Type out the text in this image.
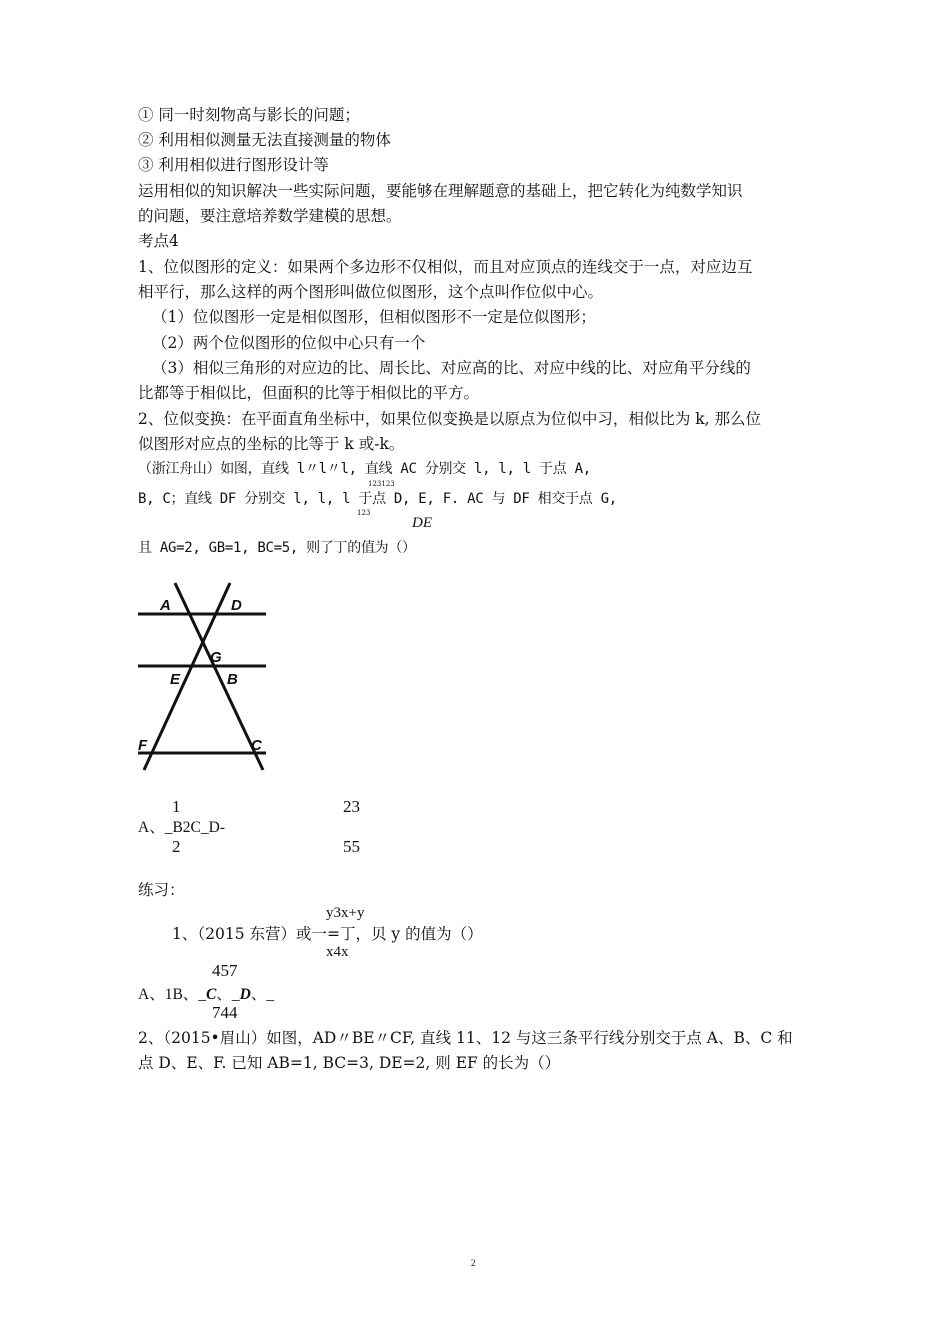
① 同一时刻物高与影长的问题；
② 利用相似测量无法直接测量的物体
③ 利用相似进行图形设计等
运用相似的知识解决一些实际问题，要能够在理解题意的基础上，把它转化为纯数学知识
的问题，要注意培养数学建模的思想。
考点4
1、位似图形的定义：如果两个多边形不仅相似，而且对应顶点的连线交于一点，对应边互
相平行，那么这样的两个图形叫做位似图形，这个点叫作位似中心。
（1）位似图形一定是相似图形，但相似图形不一定是位似图形；
（2）两个位似图形的位似中心只有一个
（3）相似三角形的对应边的比、周长比、对应高的比、对应中线的比、对应角平分线的
比都等于相似比，但面积的比等于相似比的平方。
2、位似变换：在平面直角坐标中，如果位似变换是以原点为位似中习，相似比为 k, 那么位
似图形对应点的坐标的比等于 k 或-k。
（浙江舟山）如图，直线 l〃l〃l, 直线 AC 分别交 l, l, l 于点 A,
123123
B, C；直线 DF 分别交 l, l, l 于点 D, E, F. AC 与 DF 相交于点 G,
123
DE
且 AG=2, GB=1, BC=5, 则了丁的值为（）
A	D
G
E	B
F	C
1	23
A、_B2C_D-
2	55
练习：
y3x+y
1、（2015 东营）或一=丁，贝 y 的值为（）
x4x
457
A、1B、_C、_D、_
744
2、（2015•眉山）如图，AD〃BE〃CF, 直线 11、12 与这三条平行线分别交于点 A、B、C 和
点 D、E、F. 已知 AB=1, BC=3, DE=2, 则 EF 的长为（）
2
